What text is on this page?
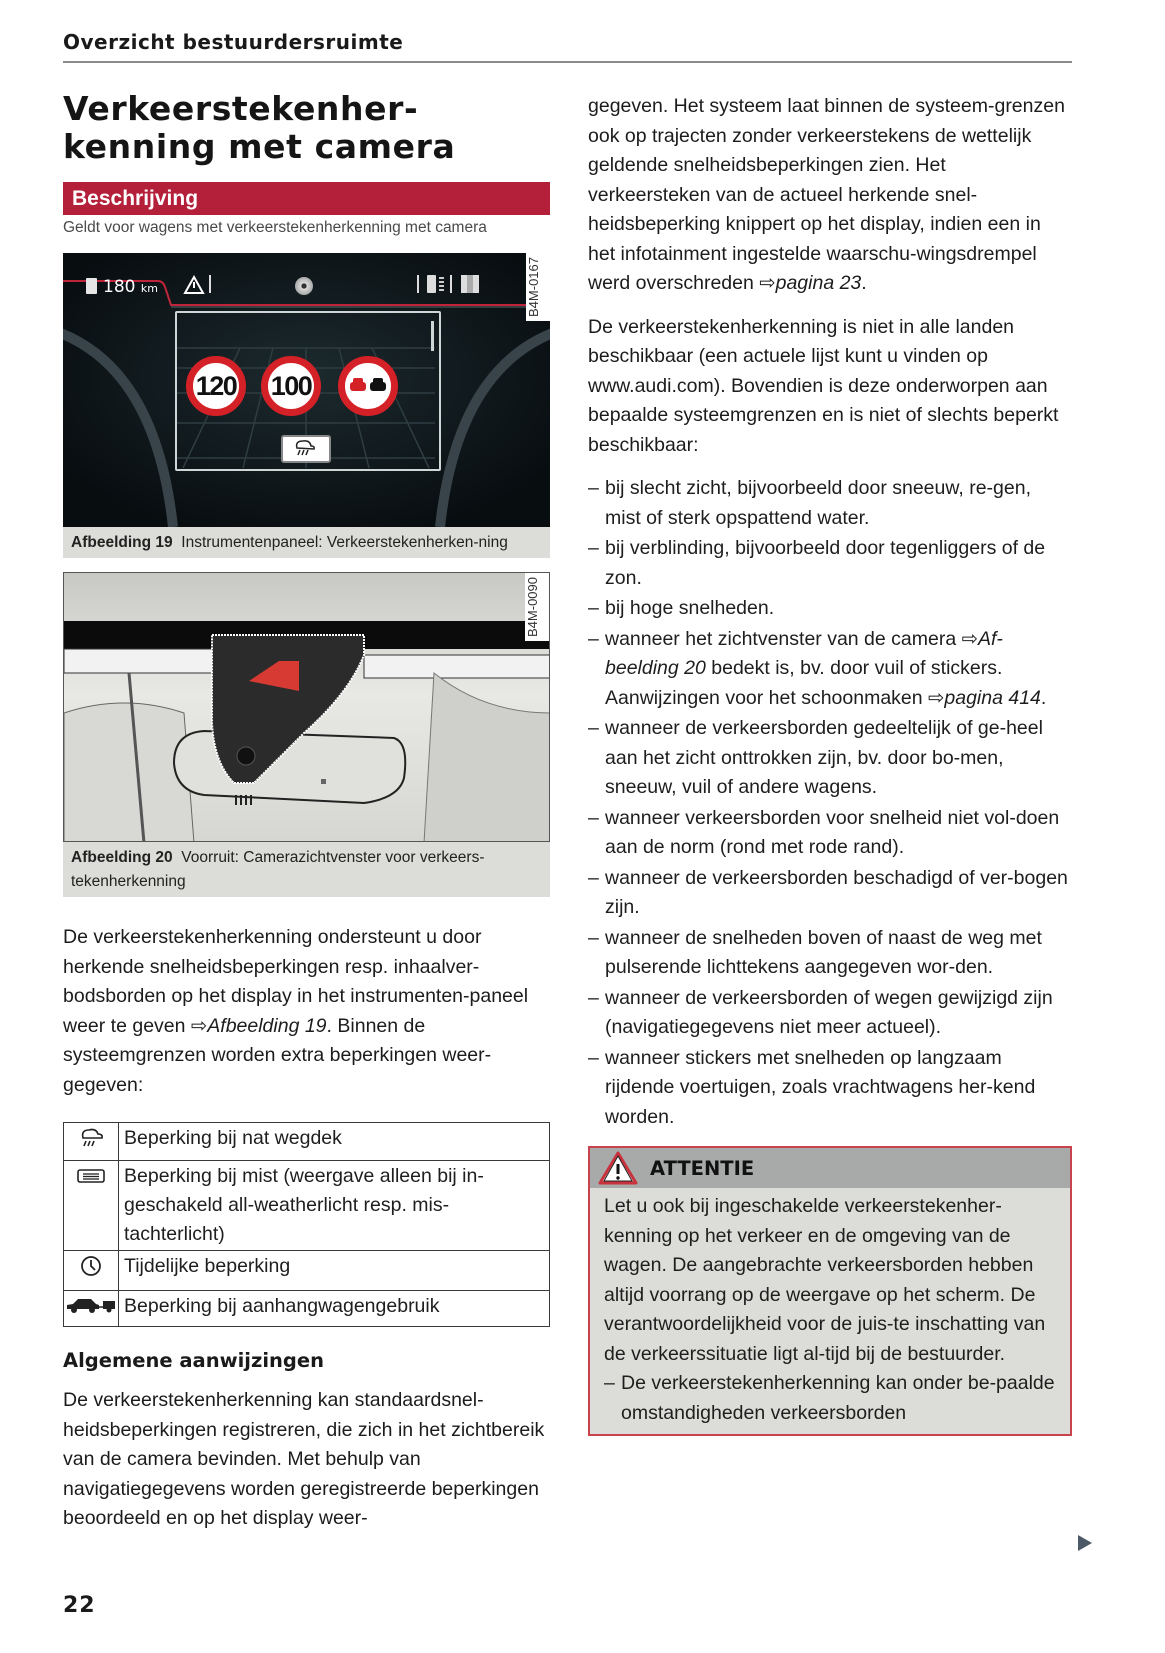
Overzicht bestuurdersruimte
Verkeerstekenher-
kenning met camera
Beschrijving
Geldt voor wagens met verkeerstekenherkenning met camera
180 km	B4M-0167
120	100
Afbeelding 19 Instrumentenpaneel: Verkeerstekenherken-ning
B4M-0090
Afbeelding 20 Voorruit: Camerazichtvenster voor verkeers-tekenherkenning

De verkeerstekenherkenning ondersteunt u door herkende snelheidsbeperkingen resp. inhaalver-bodsborden op het display in het instrumenten-paneel weer te geven ⇨Afbeelding 19. Binnen de systeemgrenzen worden extra beperkingen weer-gegeven:

	Beperking bij nat wegdek
	Beperking bij mist (weergave alleen bij in-geschakeld all-weatherlicht resp. mis-tachterlicht)
	Tijdelijke beperking
	Beperking bij aanhangwagengebruik
Algemene aanwijzingen

De verkeerstekenherkenning kan standaardsnel-heidsbeperkingen registreren, die zich in het zichtbereik van de camera bevinden. Met behulp van navigatiegegevens worden geregistreerde beperkingen beoordeeld en op het display weer-

gegeven. Het systeem laat binnen de systeem-grenzen ook op trajecten zonder verkeerstekens de wettelijk geldende snelheidsbeperkingen zien. Het verkeersteken van de actueel herkende snel-heidsbeperking knippert op het display, indien een in het infotainment ingestelde waarschu-wingsdrempel werd overschreden ⇨pagina 23.

De verkeerstekenherkenning is niet in alle landen beschikbaar (een actuele lijst kunt u vinden op www.audi.com). Bovendien is deze onderworpen aan bepaalde systeemgrenzen en is niet of slechts beperkt beschikbaar:

– bij slecht zicht, bijvoorbeeld door sneeuw, re-gen, mist of sterk opspattend water.
– bij verblinding, bijvoorbeeld door tegenliggers of de zon.
– bij hoge snelheden.
– wanneer het zichtvenster van de camera ⇨Af-beelding 20 bedekt is, bv. door vuil of stickers. Aanwijzingen voor het schoonmaken ⇨pagina 414.
– wanneer de verkeersborden gedeeltelijk of ge-heel aan het zicht onttrokken zijn, bv. door bo-men, sneeuw, vuil of andere wagens.
– wanneer verkeersborden voor snelheid niet vol-doen aan de norm (rond met rode rand).
– wanneer de verkeersborden beschadigd of ver-bogen zijn.
– wanneer de snelheden boven of naast de weg met pulserende lichttekens aangegeven wor-den.
– wanneer de verkeersborden of wegen gewijzigd zijn (navigatiegegevens niet meer actueel).
– wanneer stickers met snelheden op langzaam rijdende voertuigen, zoals vrachtwagens her-kend worden.
ATTENTIE
Let u ook bij ingeschakelde verkeerstekenher-kenning op het verkeer en de omgeving van de wagen. De aangebrachte verkeersborden hebben altijd voorrang op de weergave op het scherm. De verantwoordelijkheid voor de juis-te inschatting van de verkeerssituatie ligt al-tijd bij de bestuurder.
– De verkeerstekenherkenning kan onder be-paalde omstandigheden verkeersborden
22
